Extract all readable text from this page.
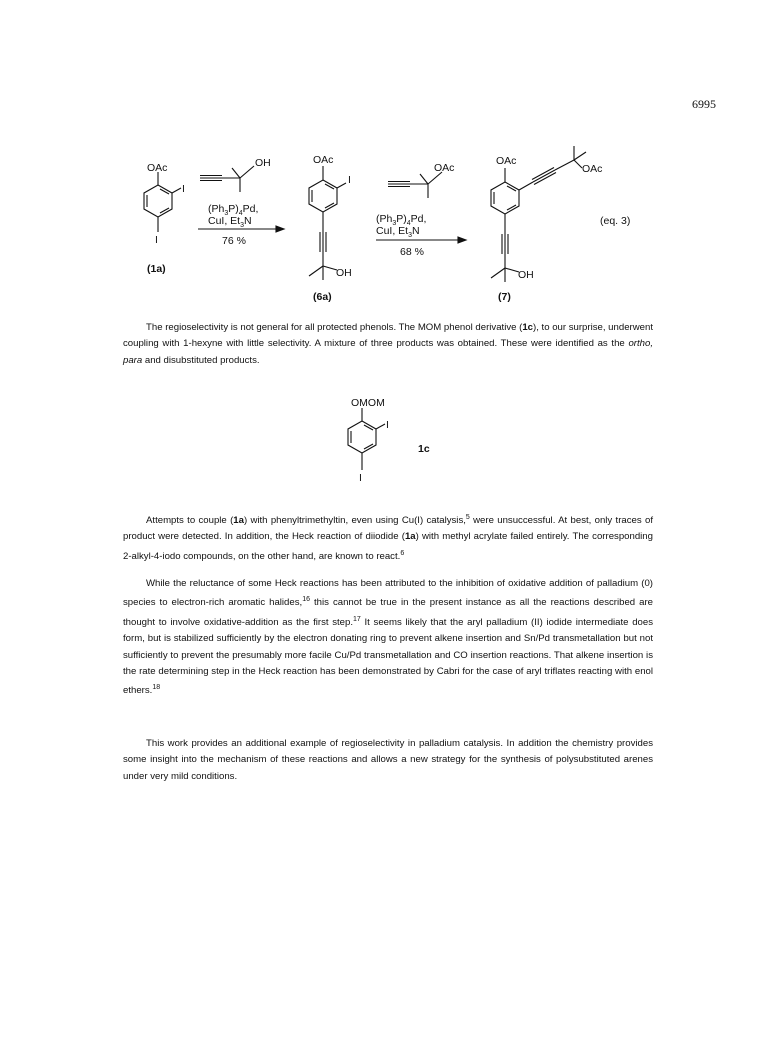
6995
OAc
I
I
(1a)
OH
$(Ph_3P)_4Pd$,
CuI, $Et_3N$
76 %
OAc
I
OH
(6a)
OAc
$(Ph_3P)_4Pd$,
CuI, $Et_3N$
68 %
OAc
OAc
OH
(7)
(eq. 3)

The regioselectivity is not general for all protected phenols. The MOM phenol derivative (1c), to our surprise, underwent coupling with 1-hexyne with little selectivity. A mixture of three products was obtained. These were identified as the ortho, para and disubstituted products.

OMOM
I
I
1c

Attempts to couple (1a) with phenyltrimethyltin, even using Cu(I) catalysis,$^5$ were unsuccessful. At best, only traces of product were detected. In addition, the Heck reaction of diiodide (1a) with methyl acrylate failed entirely. The corresponding 2-alkyl-4-iodo compounds, on the other hand, are known to react.$^6$

While the reluctance of some Heck reactions has been attributed to the inhibition of oxidative addition of palladium (0) species to electron-rich aromatic halides,$^{16}$ this cannot be true in the present instance as all the reactions described are thought to involve oxidative-addition as the first step.$^{17}$ It seems likely that the aryl palladium (II) iodide intermediate does form, but is stabilized sufficiently by the electron donating ring to prevent alkene insertion and Sn/Pd transmetallation but not sufficiently to prevent the presumably more facile Cu/Pd transmetallation and CO insertion reactions. That alkene insertion is the rate determining step in the Heck reaction has been demonstrated by Cabri for the case of aryl triflates reacting with enol ethers.$^{18}$

This work provides an additional example of regioselectivity in palladium catalysis. In addition the chemistry provides some insight into the mechanism of these reactions and allows a new strategy for the synthesis of polysubstituted arenes under very mild conditions.
